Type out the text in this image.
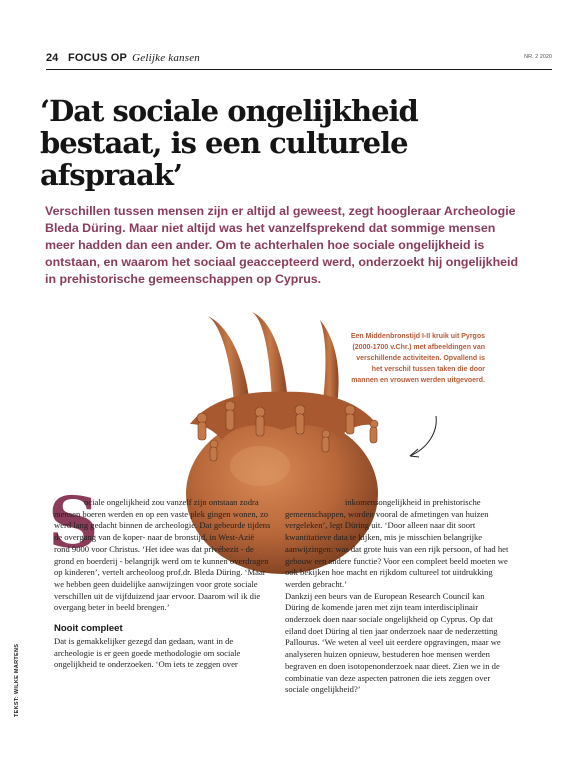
24 FOCUS OP Gelijke kansen	NR. 2 2020
‘Dat sociale ongelijkheid bestaat, is een culturele afspraak’

Verschillen tussen mensen zijn er altijd al geweest, zegt hoogleraar Archeologie Bleda Düring. Maar niet altijd was het vanzelfsprekend dat sommige mensen meer hadden dan een ander. Om te achterhalen hoe sociale ongelijkheid is ontstaan, en waarom het sociaal geaccepteerd werd, onderzoekt hij ongelijkheid in prehistorische gemeenschappen op Cyprus.

Een Middenbronstijd I-II kruik uit Pyrgos (2000-1700 v.Chr.) met afbeeldingen van verschillende activiteiten. Opvallend is het verschil tussen taken die door mannen en vrouwen werden uitgevoerd.

S

ociale ongelijkheid zou vanzelf zijn ontstaan zodra mensen boeren werden en op een vaste plek gingen wonen, zo werd lang gedacht binnen de archeologie. Dat gebeurde tijdens de overgang van de koper- naar de bronstijd, in West-Azië rond 9000 voor Christus. ‘Het idee was dat privébezit - de grond en boerderij - belangrijk werd om te kunnen overdragen op kinderen’, vertelt archeoloog prof.dr. Bleda Düring. ‘Maar we hebben geen duidelijke aanwijzingen voor grote sociale verschillen uit de vijfduizend jaar ervoor. Daarom wil ik die overgang beter in beeld brengen.’

Nooit compleet

Dat is gemakkelijker gezegd dan gedaan, want in de archeologie is er geen goede methodologie om sociale ongelijkheid te onderzoeken. ‘Om iets te zeggen over

inkomensongelijkheid in prehistorische gemeenschappen, worden vooral de afmetingen van huizen vergeleken’, legt Düring uit. ‘Door alleen naar dit soort kwantitatieve data te kijken, mis je misschien belangrijke aanwijzingen: was dat grote huis van een rijk persoon, of had het gebouw een andere functie? Voor een compleet beeld moeten we ook bekijken hoe macht en rijkdom cultureel tot uitdrukking werden gebracht.’

Dankzij een beurs van de European Research Council kan Düring de komende jaren met zijn team interdisciplinair onderzoek doen naar sociale ongelijkheid op Cyprus. Op dat eiland doet Düring al tien jaar onderzoek naar de nederzetting Pallourus. ‘We weten al veel uit eerdere opgravingen, maar we analyseren huizen opnieuw, bestuderen hoe mensen werden begraven en doen isotopenonderzoek naar dieet. Zien we in de combinatie van deze aspecten patronen die iets zeggen over sociale ongelijkheid?’

TEKST: WILKE MARTENS
